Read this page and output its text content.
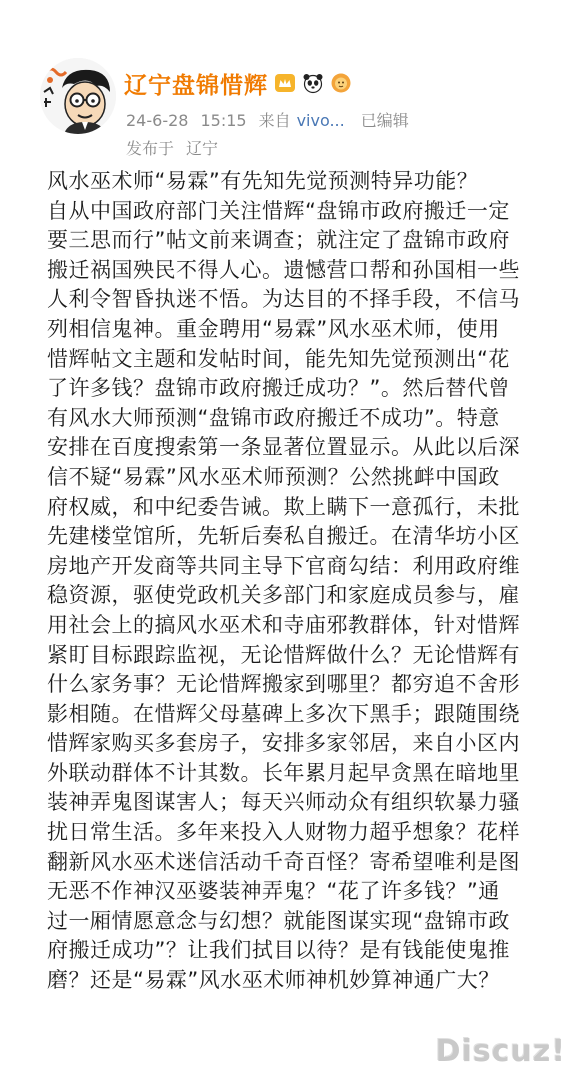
辽宁盘锦惜辉
24-6-28 15:15 来自 vivo... 已编辑
发布于 辽宁

风水巫术师“易霖”有先知先觉预测特异功能？
自从中国政府部门关注惜辉“盘锦市政府搬迁一定
要三思而行”帖文前来调查；就注定了盘锦市政府
搬迁祸国殃民不得人心。遗憾营口帮和孙国相一些
人利令智昏执迷不悟。为达目的不择手段，不信马
列相信鬼神。重金聘用“易霖”风水巫术师，使用
惜辉帖文主题和发帖时间，能先知先觉预测出“花
了许多钱？盘锦市政府搬迁成功？”。然后替代曾
有风水大师预测“盘锦市政府搬迁不成功”。特意
安排在百度搜索第一条显著位置显示。从此以后深
信不疑“易霖”风水巫术师预测？公然挑衅中国政
府权威，和中纪委告诫。欺上瞒下一意孤行，未批
先建楼堂馆所，先斩后奏私自搬迁。在清华坊小区
房地产开发商等共同主导下官商勾结：利用政府维
稳资源，驱使党政机关多部门和家庭成员参与，雇
用社会上的搞风水巫术和寺庙邪教群体，针对惜辉
紧盯目标跟踪监视，无论惜辉做什么？无论惜辉有
什么家务事？无论惜辉搬家到哪里？都穷追不舍形
影相随。在惜辉父母墓碑上多次下黑手；跟随围绕
惜辉家购买多套房子，安排多家邻居，来自小区内
外联动群体不计其数。长年累月起早贪黑在暗地里
装神弄鬼图谋害人；每天兴师动众有组织软暴力骚
扰日常生活。多年来投入人财物力超乎想象？花样
翻新风水巫术迷信活动千奇百怪？寄希望唯利是图
无恶不作神汉巫婆装神弄鬼？“花了许多钱？”通
过一厢情愿意念与幻想？就能图谋实现“盘锦市政
府搬迁成功”？让我们拭目以待？是有钱能使鬼推
磨？还是“易霖”风水巫术师神机妙算神通广大？

Discuz!
